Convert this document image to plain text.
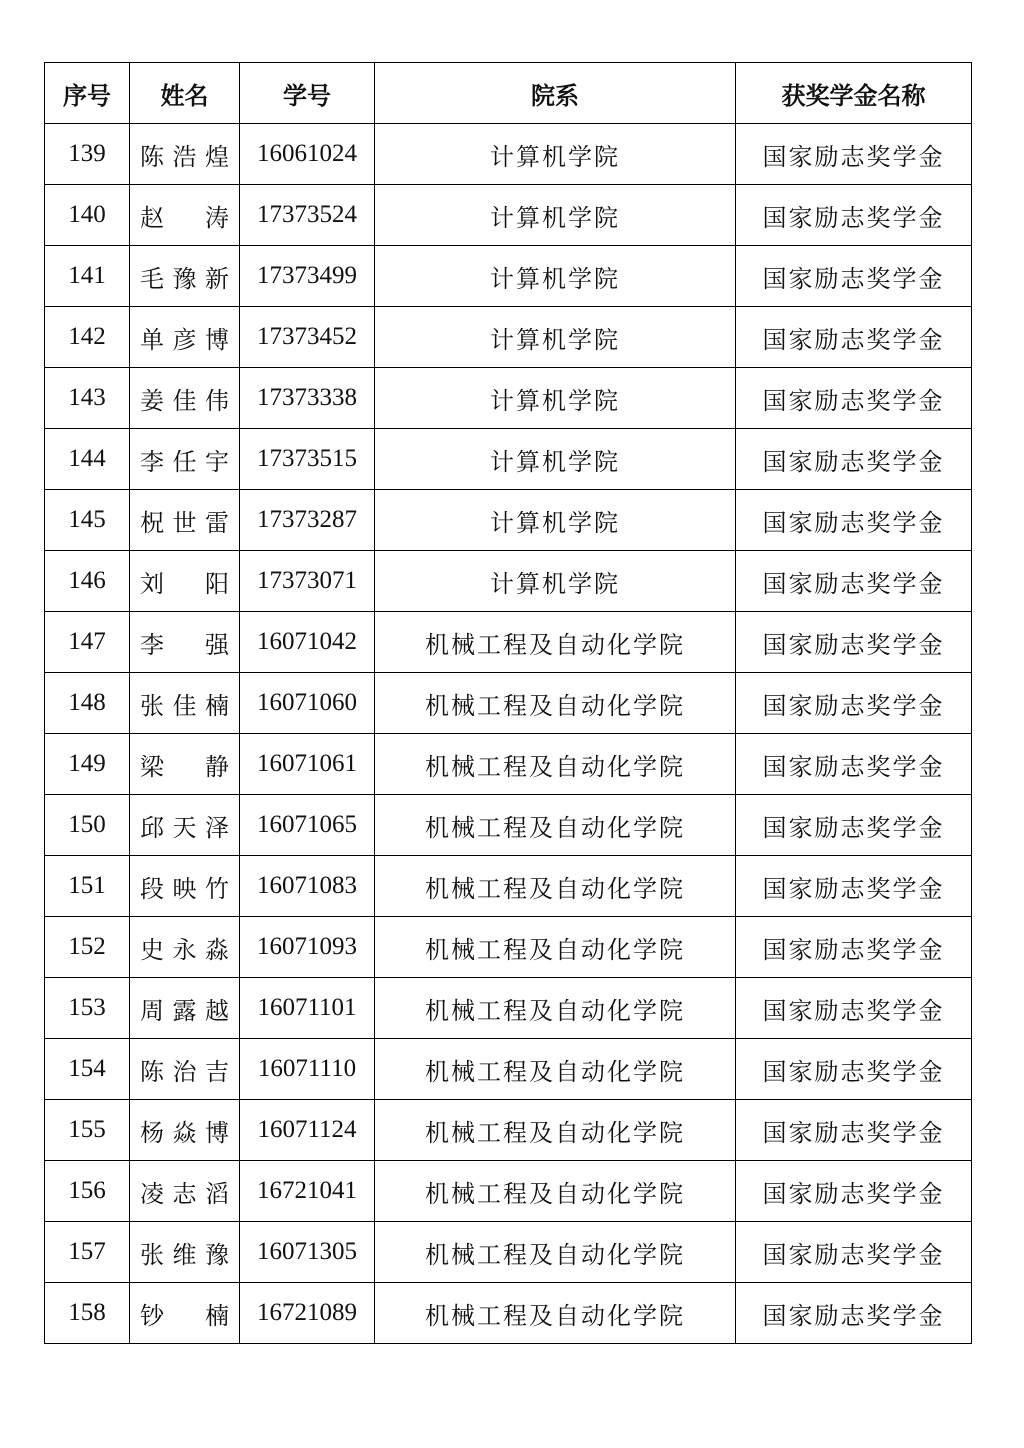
序号	姓名	学号	院系	获奖学金名称
139	陈 浩 煌	16061024	计算机学院	国家励志奖学金
140	赵 涛	17373524	计算机学院	国家励志奖学金
141	毛 豫 新	17373499	计算机学院	国家励志奖学金
142	单 彦 博	17373452	计算机学院	国家励志奖学金
143	姜 佳 伟	17373338	计算机学院	国家励志奖学金
144	李 任 宇	17373515	计算机学院	国家励志奖学金
145	柷 世 雷	17373287	计算机学院	国家励志奖学金
146	刘 阳	17373071	计算机学院	国家励志奖学金
147	李 强	16071042	机械工程及自动化学院	国家励志奖学金
148	张 佳 楠	16071060	机械工程及自动化学院	国家励志奖学金
149	梁 静	16071061	机械工程及自动化学院	国家励志奖学金
150	邱 天 泽	16071065	机械工程及自动化学院	国家励志奖学金
151	段 映 竹	16071083	机械工程及自动化学院	国家励志奖学金
152	史 永 淼	16071093	机械工程及自动化学院	国家励志奖学金
153	周 露 越	16071101	机械工程及自动化学院	国家励志奖学金
154	陈 治 吉	16071110	机械工程及自动化学院	国家励志奖学金
155	杨 焱 博	16071124	机械工程及自动化学院	国家励志奖学金
156	凌 志 滔	16721041	机械工程及自动化学院	国家励志奖学金
157	张 维 豫	16071305	机械工程及自动化学院	国家励志奖学金
158	钞 楠	16721089	机械工程及自动化学院	国家励志奖学金
